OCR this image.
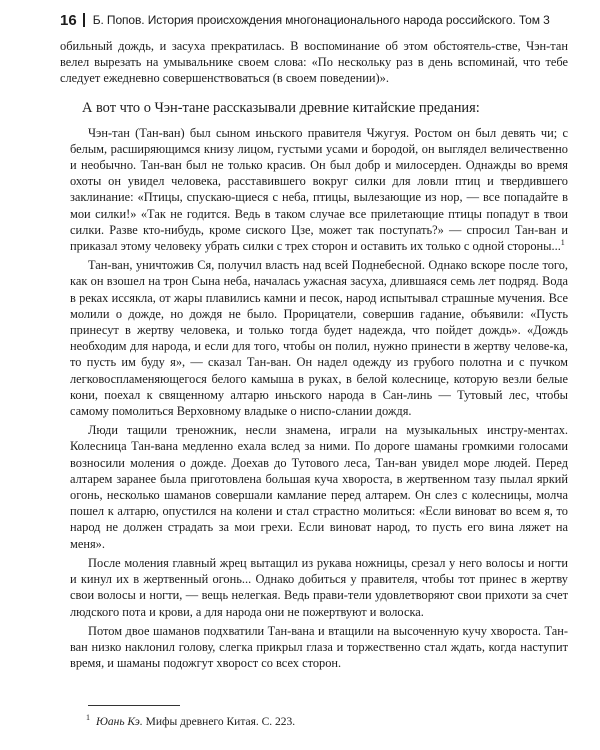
16 Б. Попов. История происхождения многонационального народа российского. Том 3

обильный дождь, и засуха прекратилась. В воспоминание об этом обстоятель-стве, Чэн-тан велел вырезать на умывальнике своем слова: «По нескольку раз в день вспоминай, что тебе следует ежедневно совершенствоваться (в своем поведении)».

А вот что о Чэн-тане рассказывали древние китайские предания:

Чэн-тан (Тан-ван) был сыном иньского правителя Чжугуя. Ростом он был девять чи; с белым, расширяющимся книзу лицом, густыми усами и бородой, он выглядел величественно и необычно. Тан-ван был не только красив. Он был добр и милосерден. Однажды во время охоты он увидел человека, расставившего вокруг силки для ловли птиц и твердившего заклинание: «Птицы, спускаю-щиеся с неба, птицы, вылезающие из нор, — все попадайте в мои силки!» «Так не годится. Ведь в таком случае все прилетающие птицы попадут в твои силки. Разве кто-нибудь, кроме сиского Цзе, может так поступать?» — спросил Тан-ван и приказал этому человеку убрать силки с трех сторон и оставить их только с одной стороны...$^1$

Тан-ван, уничтожив Ся, получил власть над всей Поднебесной. Однако вскоре после того, как он взошел на трон Сына неба, началась ужасная засуха, длившаяся семь лет подряд. Вода в реках иссякла, от жары плавились камни и песок, народ испытывал страшные мучения. Все молили о дожде, но дождя не было. Прорицатели, совершив гадание, объявили: «Пусть принесут в жертву человека, и только тогда будет надежда, что пойдет дождь». «Дождь необходим для народа, и если для того, чтобы он полил, нужно принести в жертву челове-ка, то пусть им буду я», — сказал Тан-ван. Он надел одежду из грубого полотна и с пучком легковоспламеняющегося белого камыша в руках, в белой колеснице, которую везли белые кони, поехал к священному алтарю иньского народа в Сан-линь — Тутовый лес, чтобы самому помолиться Верховному владыке о ниспо-слании дождя.

Люди тащили треножник, несли знамена, играли на музыкальных инстру-ментах. Колесница Тан-вана медленно ехала вслед за ними. По дороге шаманы громкими голосами возносили моления о дожде. Доехав до Тутового леса, Тан-ван увидел море людей. Перед алтарем заранее была приготовлена большая куча хвороста, в жертвенном тазу пылал яркий огонь, несколько шаманов совершали камлание перед алтарем. Он слез с колесницы, молча пошел к алтарю, опустился на колени и стал страстно молиться: «Если виноват во всем я, то народ не должен страдать за мои грехи. Если виноват народ, то пусть его вина ляжет на меня».

После моления главный жрец вытащил из рукава ножницы, срезал у него волосы и ногти и кинул их в жертвенный огонь... Однако добиться у правителя, чтобы тот принес в жертву свои волосы и ногти, — вещь нелегкая. Ведь прави-тели удовлетворяют свои прихоти за счет людского пота и крови, а для народа они не пожертвуют и волоска.

Потом двое шаманов подхватили Тан-вана и втащили на высоченную кучу хвороста. Тан-ван низко наклонил голову, слегка прикрыл глаза и торжественно стал ждать, когда наступит время, и шаманы подожгут хворост со всех сторон.

$^1$ Юань Кэ. Мифы древнего Китая. С. 223.
